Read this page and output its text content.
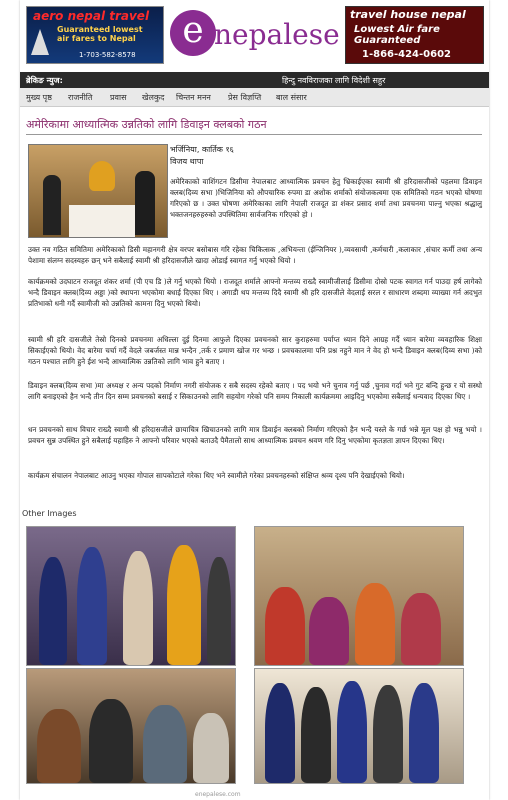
aero nepal travel
Guaranteed lowest
air fares to Nepal
1-703-582-8578
e nepalese
travel house nepal
Lowest Air fare
Guaranteed
1-866-424-0602
ब्रेकिङ न्युज:	हिन्दु नवविराजका लागि विदेशी सहुर
मुख्य पृष्ठ राजनीति प्रवास खेलकुद चिन्तन मनन प्रेस विज्ञप्ति बाल संसार
अमेरिकामा आध्यात्मिक उन्नतिको लागि डिवाइन क्लबको गठन
भर्जिनिया, कार्तिक १६
विजय थापा
अमेरिकाको वाशिंगटन डिसीमा नेपालबाट आध्यात्मिक प्रवचन हेतु भ्रिकाईएका स्वामी श्री हरिदासजीको पहलमा डिवाइन क्लब(दिव्य सभा )भिजिनिया को औपचारिक रुपमा डा अशोक शर्माको संयोजकत्वमा एक समितिको गठन भएको घोषणा गरिएको छ । उक्त घोषणा अमेरिकाका लागि नेपाली राजदूत डा शंकर प्रसाद शर्मा तथा प्रवचनमा पाल्नु भएका श्रद्धालु भक्तजनहरुहरुको उपस्थितिमा सार्वजनिक गरिएको हो ।
उक्त नव गठित समितिमा अमेरिकाको डिसी महानगरी क्षेत्र वरपर बसोबास गरि रहेका चिकित्सक ,अभियन्ता (ईन्जिनियर ),व्यवसायी ,कर्मचारी ,कलाकार ,संचार कर्मी तथा अन्य पेशामा संलग्न सदस्यहरु छन् भने सबैलाई स्वामी श्री हरिदासजीले खादा ओडाई स्वागत गर्नु भएको थियो ।
कार्यक्रमको उदघाटन राजदूत शंकर शर्मा (पी एच डि )ले गर्नु भएको थियो । राजदूत शर्माले आफ्नो मन्तव्य राख्दै स्वामीजीलाई डिसीमा दोस्रो पटक स्वागत गर्न पाउदा हर्ष लागेको भन्दै डिवाइन क्लब(दिव्य अड्डा )को स्थापना भएकोमा बधाई दिएका थिए । अगाडी थप मन्तव्य दिदै स्वामी श्री हरि दासजीले वेदलाई सरल र साधारण शब्दमा व्याख्या गर्न अदभुत प्रतिभाको धनी गर्दै स्वामीजी को उन्नतिको कामना दिनु भएको थियो।
स्वामी श्री हरि दासजीले तेस्रो दिनको प्रवचनमा अधिल्ला दुई दिनमा आफुले दिएका प्रवचनको सार कुराहरुमा पर्याप्त ध्यान दिने आग्रह गर्दै ध्यान बारेमा व्यवहारिक शिक्षा सिकाईएको थियो। वेद बारेमा चर्चा गर्दै वेदले जबर्जस्त मान्न भन्दैन ,तर्क र प्रमाण खोज गर भन्छ । प्रवचकालमा पनि प्रश्न नहुने मान ने वेद हो भन्दै डिवाइन क्लब(दिव्य सभा )को गठन पश्चात लागि हुने ईश भन्दै आध्यात्मिक उन्नतिको लागि भाव हुने बताए ।
डिवाइन क्लब(दिव्य सभा )मा अध्यक्ष र अन्य पदको निर्माण नगरी संयोजक र सबै सदस्य रहेको बताए । पद भयो भने चुनाव गर्नु पर्छ ,चुनाव गर्दा भने गुट बन्दि हुन्छ र यो सस्थो लागि बनाइएको हैन भन्दै तीन दिन सम्म प्रवचनको बसाई र सिकाउनको लागि सहयोग गरेको पनि समय निकाली कार्यक्रममा आइदिनु भएकोमा सबैलाई धन्यवाद दिएका थिए ।
धन प्रवचनको साथ विचार राख्दै स्वामी श्री हरिदासजीले छायाचित्र खिचाउनको लागि मात्र डिवाईन क्लबको निर्माण गरिएको हैन भन्दै यस्ले के गर्छ भन्ने मूल पक्ष हो भन्नु भयो । प्रवचन सुन्न उपस्थित हुने सबैलाई यहाहिरु ने आफ्नो परिवार भएको बताउदै पैमैतालो साथ आध्यात्मिक प्रवचन श्रवण गरि दिनु भएकोमा कृतज्ञता ज्ञापन दिएका थिए।
कार्यक्रम संचालन नेपालबाट आउनु भएका गोपाल सापकोटाले गरेका थिए भने स्वामीले गरेका प्रवचनहरुको संक्षिप्त श्रव्य दृश्य पनि देखाईएको थियो।
Other Images
enepalese.com
